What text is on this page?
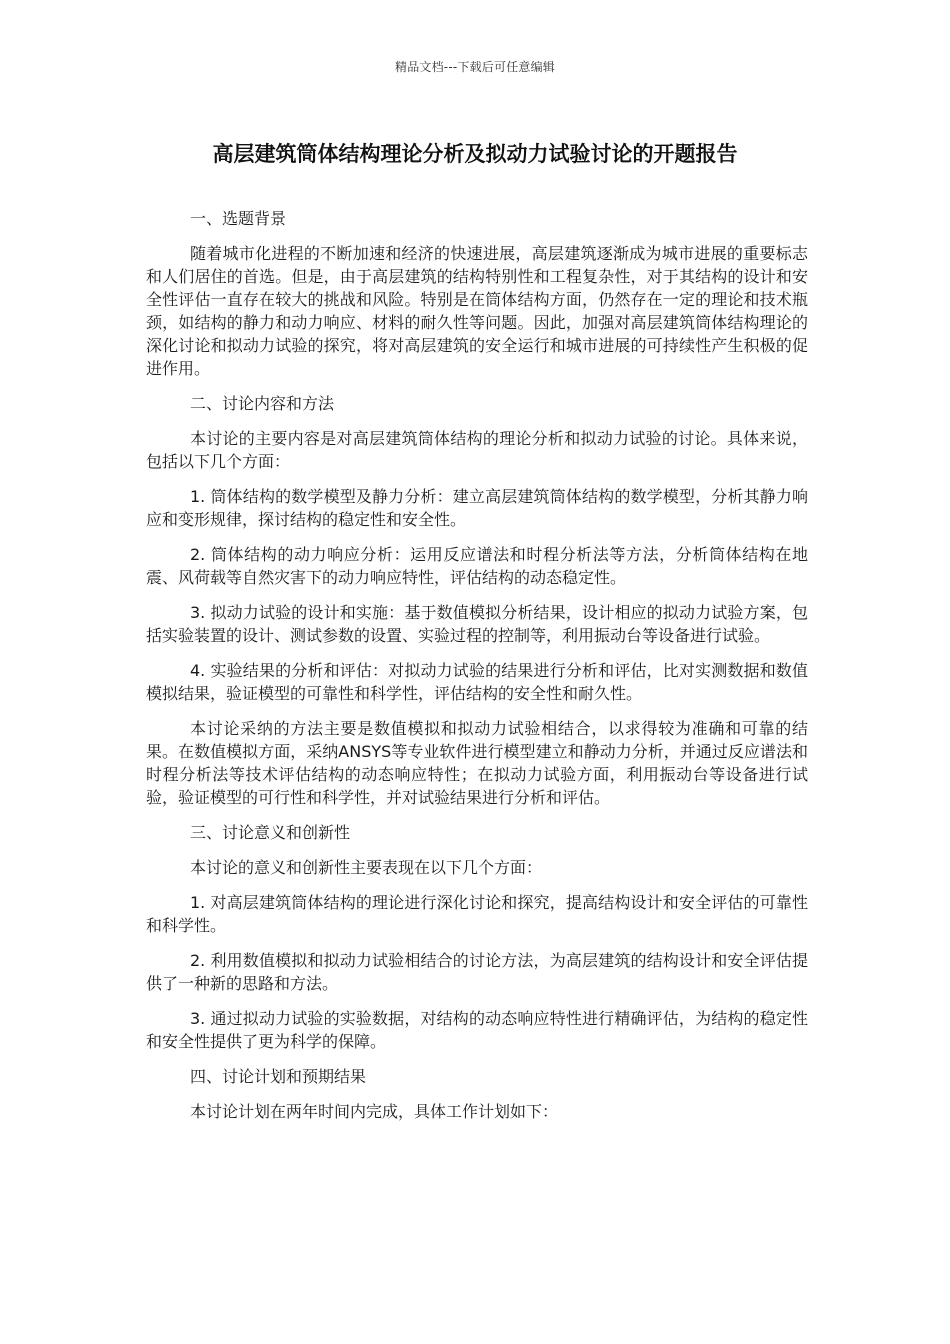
精品文档---下载后可任意编辑
高层建筑筒体结构理论分析及拟动力试验讨论的开题报告

一、选题背景

随着城市化进程的不断加速和经济的快速进展，高层建筑逐渐成为城市进展的重要标志和人们居住的首选。但是，由于高层建筑的结构特别性和工程复杂性，对于其结构的设计和安全性评估一直存在较大的挑战和风险。特别是在筒体结构方面，仍然存在一定的理论和技术瓶颈，如结构的静力和动力响应、材料的耐久性等问题。因此，加强对高层建筑筒体结构理论的深化讨论和拟动力试验的探究，将对高层建筑的安全运行和城市进展的可持续性产生积极的促进作用。

二、讨论内容和方法

本讨论的主要内容是对高层建筑筒体结构的理论分析和拟动力试验的讨论。具体来说，包括以下几个方面：

1. 筒体结构的数学模型及静力分析：建立高层建筑筒体结构的数学模型，分析其静力响应和变形规律，探讨结构的稳定性和安全性。

2. 筒体结构的动力响应分析：运用反应谱法和时程分析法等方法，分析筒体结构在地震、风荷载等自然灾害下的动力响应特性，评估结构的动态稳定性。

3. 拟动力试验的设计和实施：基于数值模拟分析结果，设计相应的拟动力试验方案，包括实验装置的设计、测试参数的设置、实验过程的控制等，利用振动台等设备进行试验。

4. 实验结果的分析和评估：对拟动力试验的结果进行分析和评估，比对实测数据和数值模拟结果，验证模型的可靠性和科学性，评估结构的安全性和耐久性。

本讨论采纳的方法主要是数值模拟和拟动力试验相结合，以求得较为准确和可靠的结果。在数值模拟方面，采纳ANSYS等专业软件进行模型建立和静动力分析，并通过反应谱法和时程分析法等技术评估结构的动态响应特性；在拟动力试验方面，利用振动台等设备进行试验，验证模型的可行性和科学性，并对试验结果进行分析和评估。

三、讨论意义和创新性

本讨论的意义和创新性主要表现在以下几个方面：

1. 对高层建筑筒体结构的理论进行深化讨论和探究，提高结构设计和安全评估的可靠性和科学性。

2. 利用数值模拟和拟动力试验相结合的讨论方法，为高层建筑的结构设计和安全评估提供了一种新的思路和方法。

3. 通过拟动力试验的实验数据，对结构的动态响应特性进行精确评估，为结构的稳定性和安全性提供了更为科学的保障。

四、讨论计划和预期结果

本讨论计划在两年时间内完成，具体工作计划如下：
